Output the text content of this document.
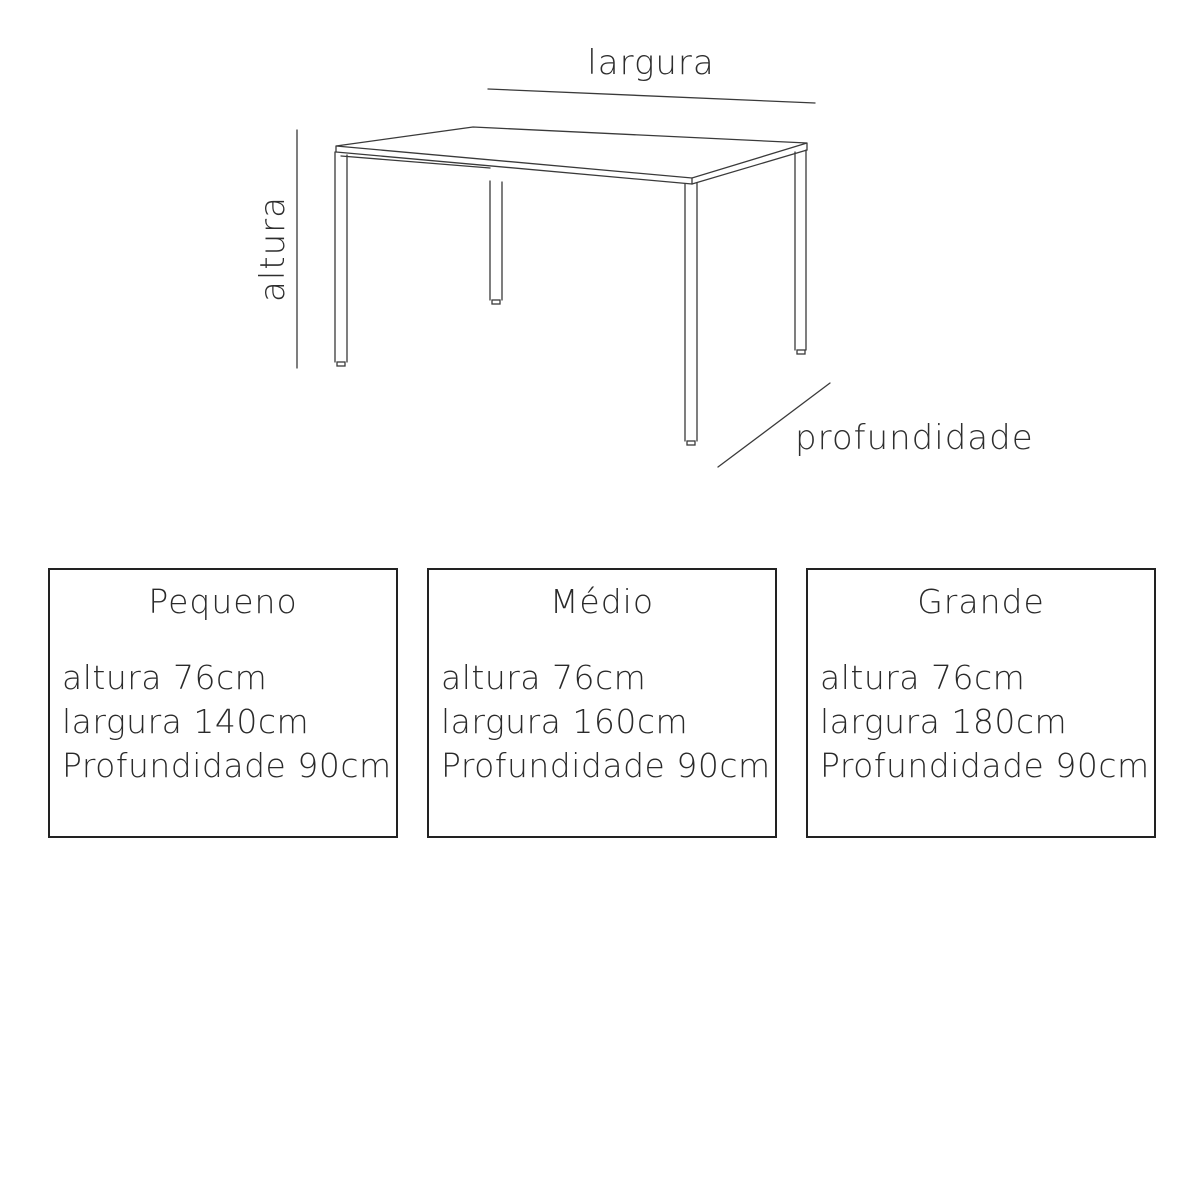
largura
altura
profundidade
Pequeno
altura 76cm
largura 140cm
Profundidade 90cm
Médio
altura 76cm
largura 160cm
Profundidade 90cm
Grande
altura 76cm
largura 180cm
Profundidade 90cm
